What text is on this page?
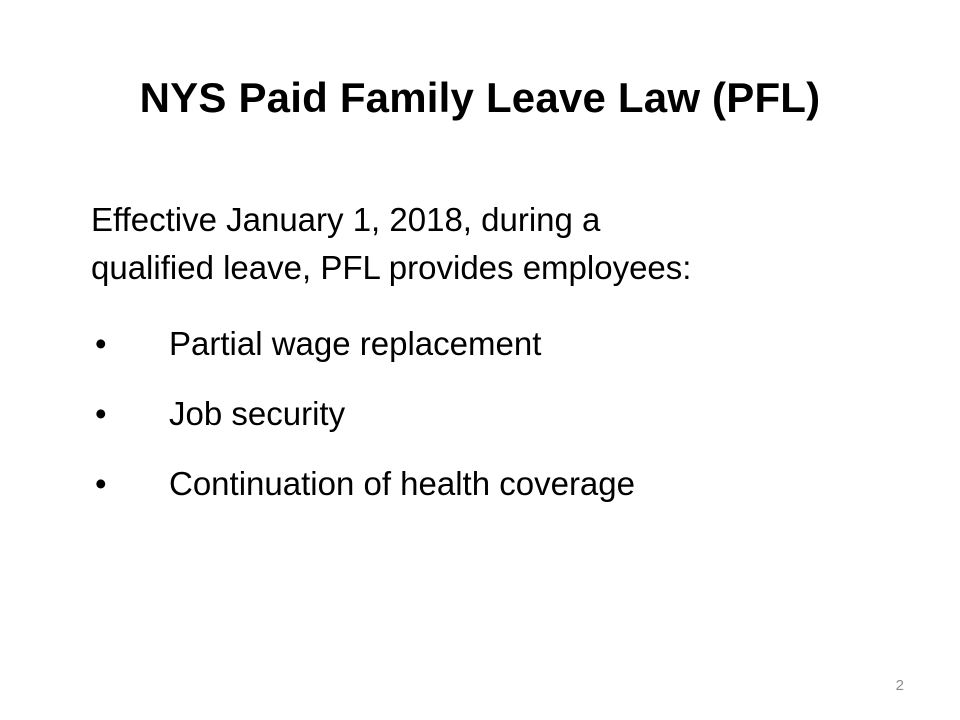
NYS Paid Family Leave Law (PFL)

Effective January 1, 2018, during a
qualified leave, PFL provides employees:

•	Partial wage replacement
•	Job security
•	Continuation of health coverage
2
